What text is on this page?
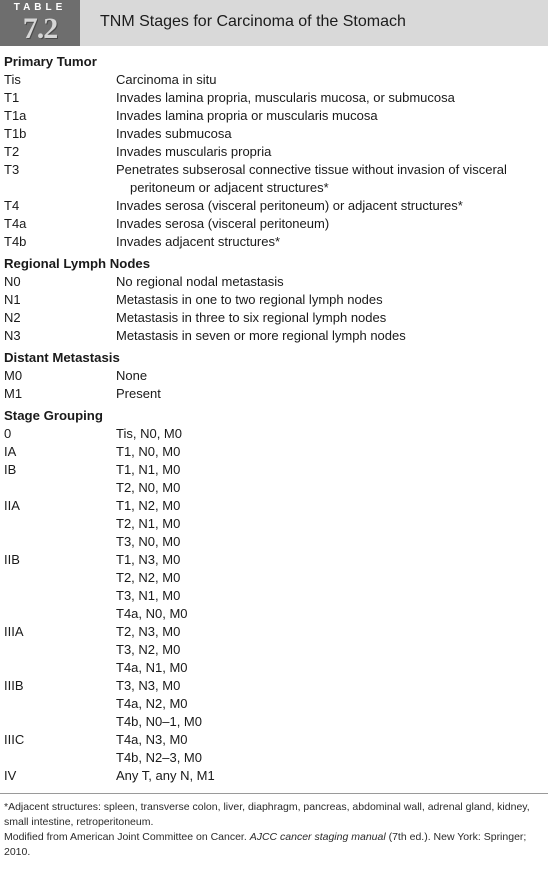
TABLE
7.2	TNM Stages for Carcinoma of the Stomach
Primary Tumor
Tis	Carcinoma in situ
T1	Invades lamina propria, muscularis mucosa, or submucosa
T1a	Invades lamina propria or muscularis mucosa
T1b	Invades submucosa
T2	Invades muscularis propria
T3	Penetrates subserosal connective tissue without invasion of visceral
peritoneum or adjacent structures*
T4	Invades serosa (visceral peritoneum) or adjacent structures*
T4a	Invades serosa (visceral peritoneum)
T4b	Invades adjacent structures*
Regional Lymph Nodes
N0	No regional nodal metastasis
N1	Metastasis in one to two regional lymph nodes
N2	Metastasis in three to six regional lymph nodes
N3	Metastasis in seven or more regional lymph nodes
Distant Metastasis
M0	None
M1	Present
Stage Grouping
0	Tis, N0, M0
IA	T1, N0, M0
IB	T1, N1, M0
T2, N0, M0
IIA	T1, N2, M0
T2, N1, M0
T3, N0, M0
IIB	T1, N3, M0
T2, N2, M0
T3, N1, M0
T4a, N0, M0
IIIA	T2, N3, M0
T3, N2, M0
T4a, N1, M0
IIIB	T3, N3, M0
T4a, N2, M0
T4b, N0–1, M0
IIIC	T4a, N3, M0
T4b, N2–3, M0
IV	Any T, any N, M1
*Adjacent structures: spleen, transverse colon, liver, diaphragm, pancreas, abdominal wall, adrenal gland, kidney, small intestine, retroperitoneum.
Modified from American Joint Committee on Cancer. AJCC cancer staging manual (7th ed.). New York: Springer; 2010.
